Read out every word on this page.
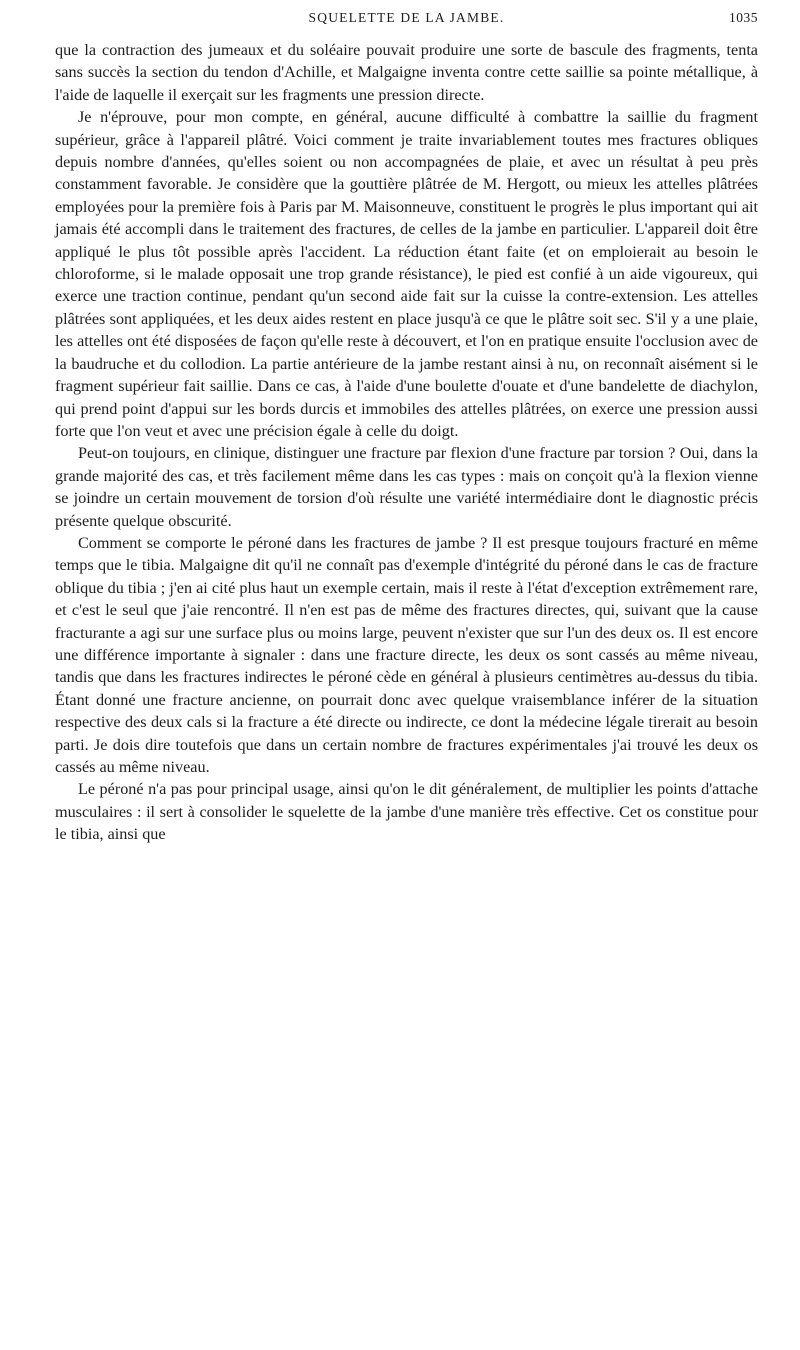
SQUELETTE DE LA JAMBE.	1035

que la contraction des jumeaux et du soléaire pouvait produire une sorte de bascule des fragments, tenta sans succès la section du tendon d'Achille, et Malgaigne inventa contre cette saillie sa pointe métallique, à l'aide de laquelle il exerçait sur les fragments une pression directe.

Je n'éprouve, pour mon compte, en général, aucune difficulté à combattre la saillie du fragment supérieur, grâce à l'appareil plâtré. Voici comment je traite invariablement toutes mes fractures obliques depuis nombre d'années, qu'elles soient ou non accompagnées de plaie, et avec un résultat à peu près constamment favorable. Je considère que la gouttière plâtrée de M. Hergott, ou mieux les attelles plâtrées employées pour la première fois à Paris par M. Maisonneuve, constituent le progrès le plus important qui ait jamais été accompli dans le traitement des fractures, de celles de la jambe en particulier. L'appareil doit être appliqué le plus tôt possible après l'accident. La réduction étant faite (et on emploierait au besoin le chloroforme, si le malade opposait une trop grande résistance), le pied est confié à un aide vigoureux, qui exerce une traction continue, pendant qu'un second aide fait sur la cuisse la contre-extension. Les attelles plâtrées sont appliquées, et les deux aides restent en place jusqu'à ce que le plâtre soit sec. S'il y a une plaie, les attelles ont été disposées de façon qu'elle reste à découvert, et l'on en pratique ensuite l'occlusion avec de la baudruche et du collodion. La partie antérieure de la jambe restant ainsi à nu, on reconnaît aisément si le fragment supérieur fait saillie. Dans ce cas, à l'aide d'une boulette d'ouate et d'une bandelette de diachylon, qui prend point d'appui sur les bords durcis et immobiles des attelles plâtrées, on exerce une pression aussi forte que l'on veut et avec une précision égale à celle du doigt.

Peut-on toujours, en clinique, distinguer une fracture par flexion d'une fracture par torsion ? Oui, dans la grande majorité des cas, et très facilement même dans les cas types : mais on conçoit qu'à la flexion vienne se joindre un certain mouvement de torsion d'où résulte une variété intermédiaire dont le diagnostic précis présente quelque obscurité.

Comment se comporte le péroné dans les fractures de jambe ? Il est presque toujours fracturé en même temps que le tibia. Malgaigne dit qu'il ne connaît pas d'exemple d'intégrité du péroné dans le cas de fracture oblique du tibia ; j'en ai cité plus haut un exemple certain, mais il reste à l'état d'exception extrêmement rare, et c'est le seul que j'aie rencontré. Il n'en est pas de même des fractures directes, qui, suivant que la cause fracturante a agi sur une surface plus ou moins large, peuvent n'exister que sur l'un des deux os. Il est encore une différence importante à signaler : dans une fracture directe, les deux os sont cassés au même niveau, tandis que dans les fractures indirectes le péroné cède en général à plusieurs centimètres au-dessus du tibia. Étant donné une fracture ancienne, on pourrait donc avec quelque vraisemblance inférer de la situation respective des deux cals si la fracture a été directe ou indirecte, ce dont la médecine légale tirerait au besoin parti. Je dois dire toutefois que dans un certain nombre de fractures expérimentales j'ai trouvé les deux os cassés au même niveau.

Le péroné n'a pas pour principal usage, ainsi qu'on le dit généralement, de multiplier les points d'attache musculaires : il sert à consolider le squelette de la jambe d'une manière très effective. Cet os constitue pour le tibia, ainsi que
